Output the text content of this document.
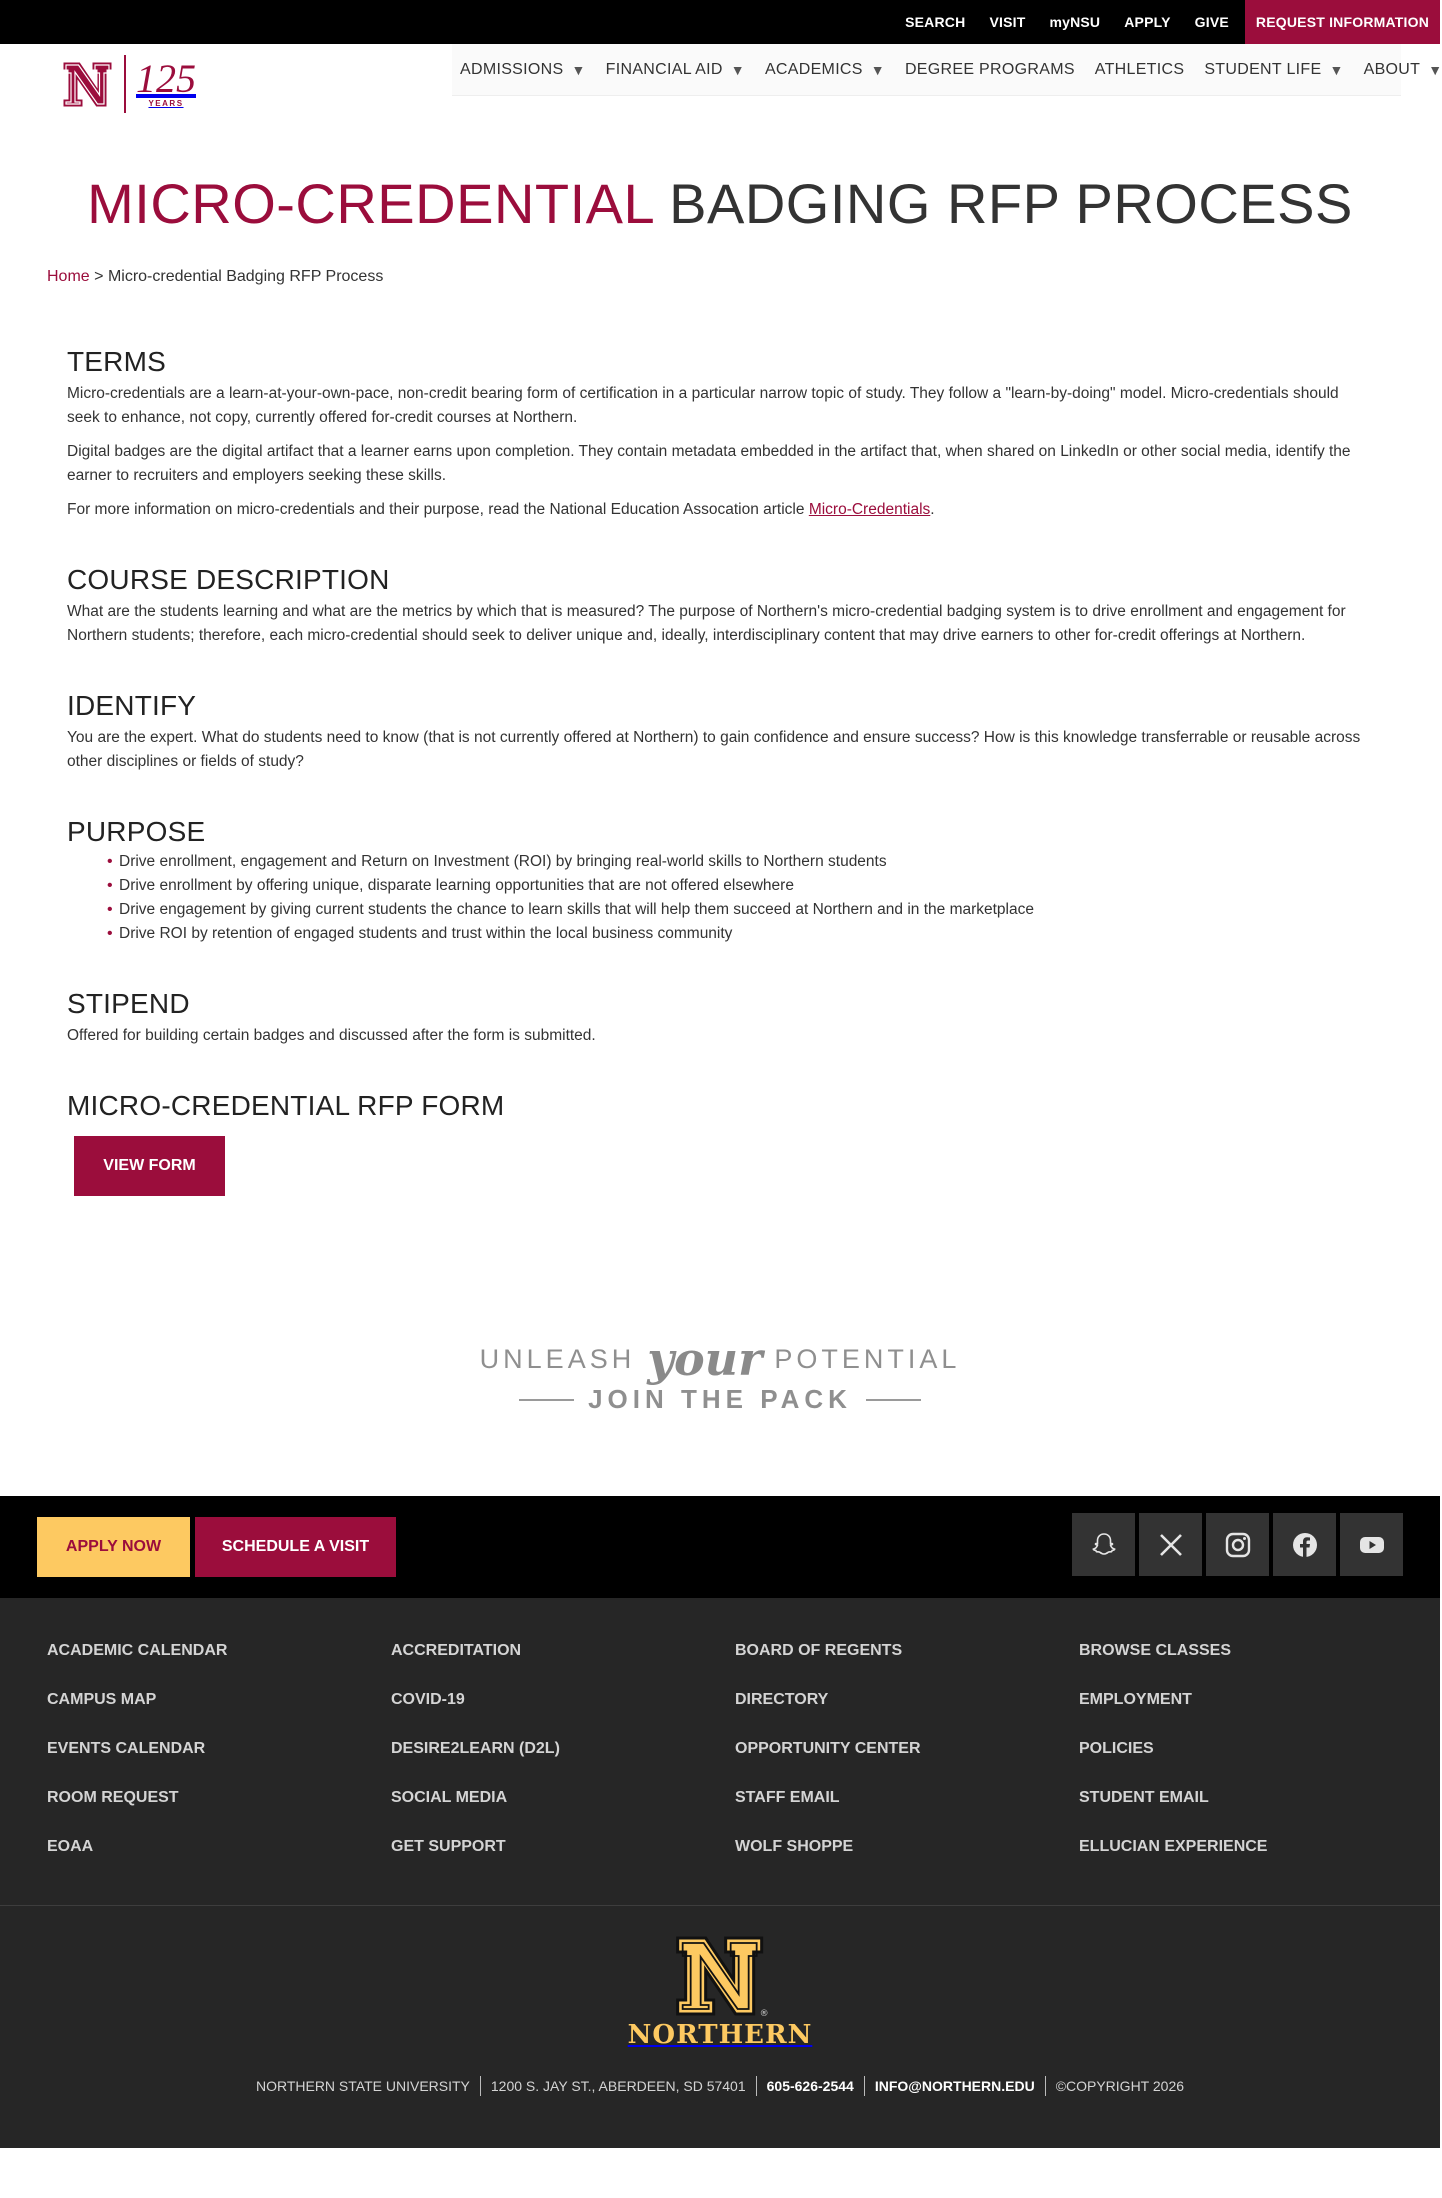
SEARCH	VISIT	myNSU	APPLY	GIVE	REQUEST INFORMATION
125
YEARS
ADMISSIONS ▼ FINANCIAL AID ▼ ACADEMICS ▼ DEGREE PROGRAMS ATHLETICS STUDENT LIFE ▼ ABOUT ▼
MICRO-CREDENTIAL BADGING RFP PROCESS
Home > Micro-credential Badging RFP Process
TERMS

Micro-credentials are a learn-at-your-own-pace, non-credit bearing form of certification in a particular narrow topic of study. They follow a "learn-by-doing" model. Micro-credentials should seek to enhance, not copy, currently offered for-credit courses at Northern.

Digital badges are the digital artifact that a learner earns upon completion. They contain metadata embedded in the artifact that, when shared on LinkedIn or other social media, identify the earner to recruiters and employers seeking these skills.

For more information on micro-credentials and their purpose, read the National Education Assocation article Micro-Credentials.

COURSE DESCRIPTION

What are the students learning and what are the metrics by which that is measured? The purpose of Northern's micro-credential badging system is to drive enrollment and engagement for Northern students; therefore, each micro-credential should seek to deliver unique and, ideally, interdisciplinary content that may drive earners to other for-credit offerings at Northern.

IDENTIFY

You are the expert. What do students need to know (that is not currently offered at Northern) to gain confidence and ensure success? How is this knowledge transferrable or reusable across other disciplines or fields of study?

PURPOSE
• Drive enrollment, engagement and Return on Investment (ROI) by bringing real-world skills to Northern students
• Drive enrollment by offering unique, disparate learning opportunities that are not offered elsewhere
• Drive engagement by giving current students the chance to learn skills that will help them succeed at Northern and in the marketplace
• Drive ROI by retention of engaged students and trust within the local business community
STIPEND

Offered for building certain badges and discussed after the form is submitted.

MICRO-CREDENTIAL RFP FORM
VIEW FORM
UNLEASH your POTENTIAL
JOIN THE PACK
APPLY NOW	SCHEDULE A VISIT
ACADEMIC CALENDAR	ACCREDITATION	BOARD OF REGENTS	BROWSE CLASSES
CAMPUS MAP	COVID-19	DIRECTORY	EMPLOYMENT
EVENTS CALENDAR	DESIRE2LEARN (D2L)	OPPORTUNITY CENTER	POLICIES
ROOM REQUEST	SOCIAL MEDIA	STAFF EMAIL	STUDENT EMAIL
EOAA	GET SUPPORT	WOLF SHOPPE	ELLUCIAN EXPERIENCE
®
NORTHERN
NORTHERN STATE UNIVERSITY	1200 S. JAY ST., ABERDEEN, SD 57401	605-626-2544	INFO@NORTHERN.EDU	©COPYRIGHT 2026
